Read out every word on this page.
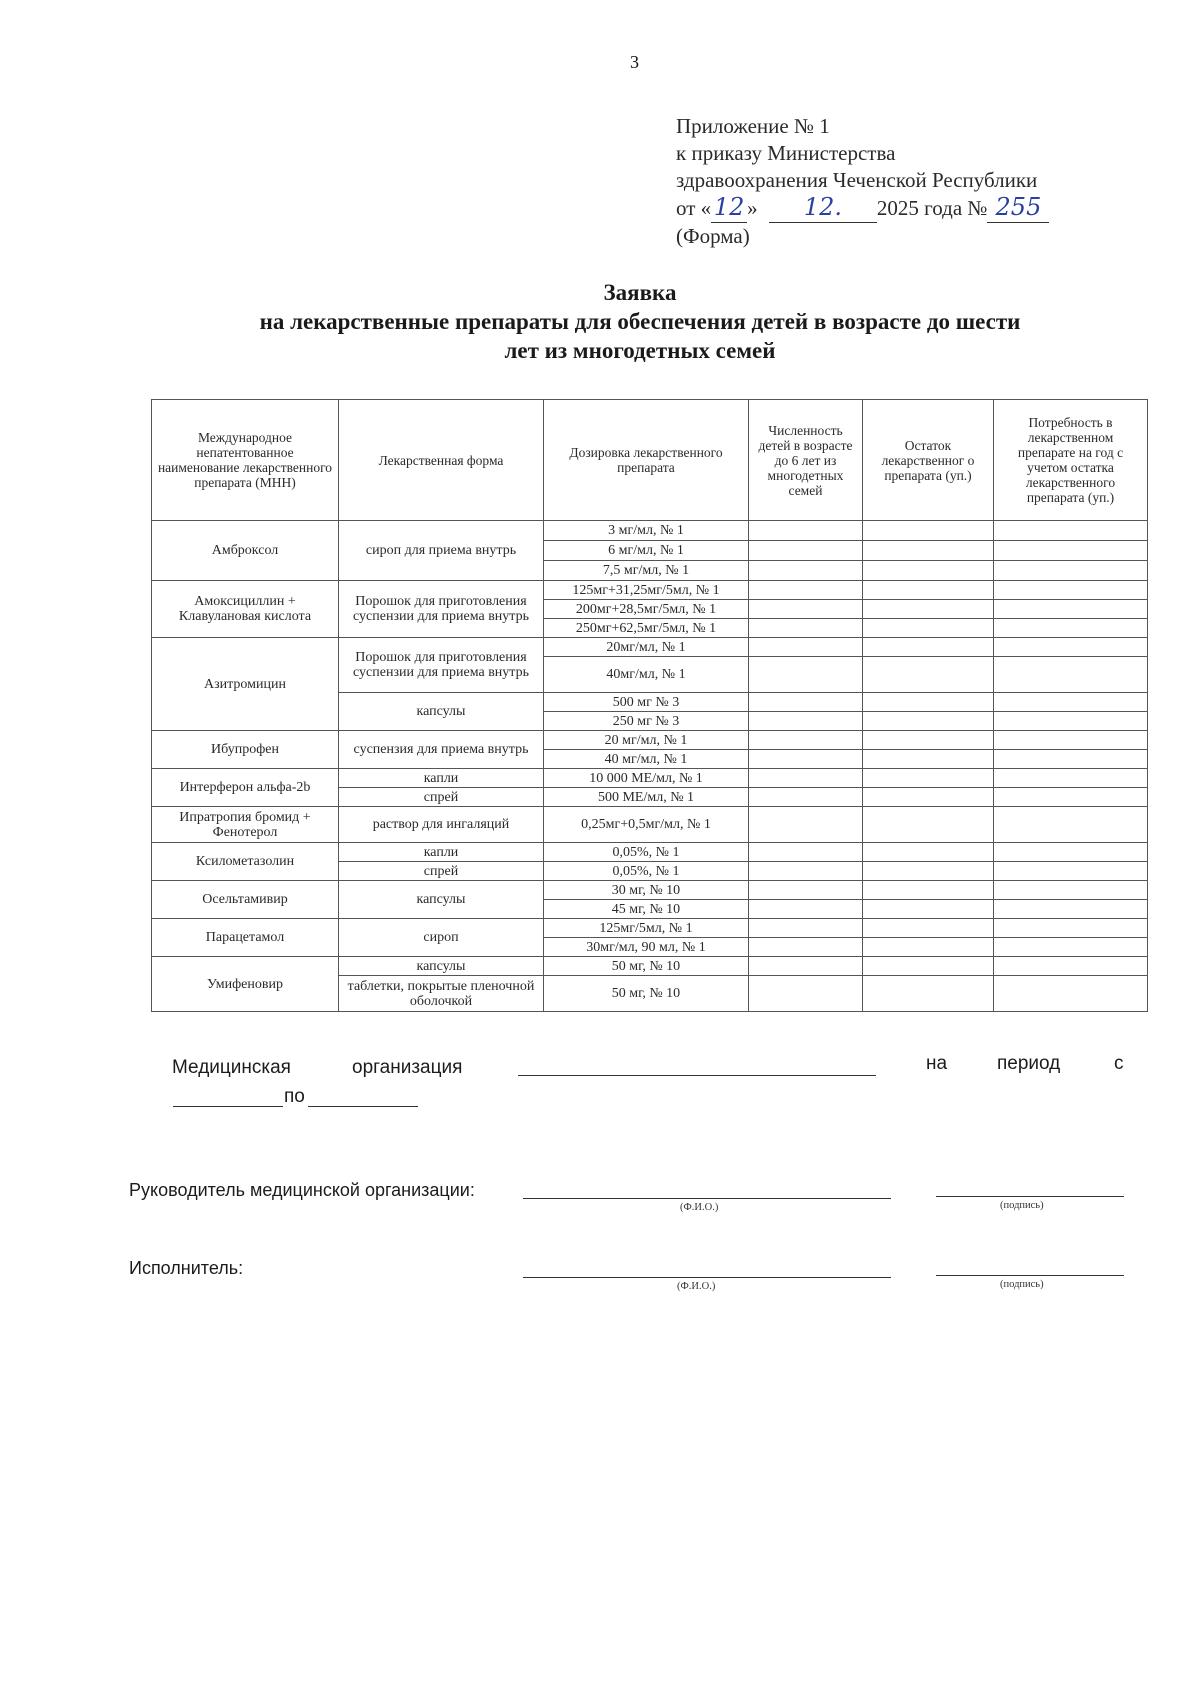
3
Приложение № 1
к приказу Министерства
здравоохранения Чеченской Республики
от « 12 » 12. 2025 года № 255
(Форма)
Заявка
на лекарственные препараты для обеспечения детей в возрасте до шести
лет из многодетных семей
Международное непатентованное наименование лекарственного препарата (МНН)	Лекарственная форма	Дозировка лекарственного препарата	Численность детей в возрасте до 6 лет из многодетных семей	Остаток лекарственног о препарата (уп.)	Потребность в лекарственном препарате на год с учетом остатка лекарственного препарата (уп.)
Амброксол	сироп для приема внутрь	3 мг/мл, № 1			
		6 мг/мл, № 1			
		7,5 мг/мл, № 1			
Амоксициллин + Клавулановая кислота	Порошок для приготовления суспензии для приема внутрь	125мг+31,25мг/5мл, № 1			
		200мг+28,5мг/5мл, № 1			
		250мг+62,5мг/5мл, № 1			
Азитромицин	Порошок для приготовления суспензии для приема внутрь	20мг/мл, № 1			
		40мг/мл, № 1			
	капсулы	500 мг № 3			
		250 мг № 3			
Ибупрофен	суспензия для приема внутрь	20 мг/мл, № 1			
		40 мг/мл, № 1			
Интерферон альфа-2b	капли	10 000 МЕ/мл, № 1			
	спрей	500 МЕ/мл, № 1			
Ипратропия бромид + Фенотерол	раствор для ингаляций	0,25мг+0,5мг/мл, № 1			
Ксилометазолин	капли	0,05%, № 1			
	спрей	0,05%, № 1			
Осельтамивир	капсулы	30 мг, № 10			
		45 мг, № 10			
Парацетамол	сироп	125мг/5мл, № 1			
		30мг/мл, 90 мл, № 1			
Умифеновир	капсулы	50 мг, № 10			
	таблетки, покрытые пленочной оболочкой	50 мг, № 10			
Медицинская	организация	на	период	с
по
Руководитель медицинской организации:
(Ф.И.О.)	(подпись)
Исполнитель:
(Ф.И.О.)	(подпись)
